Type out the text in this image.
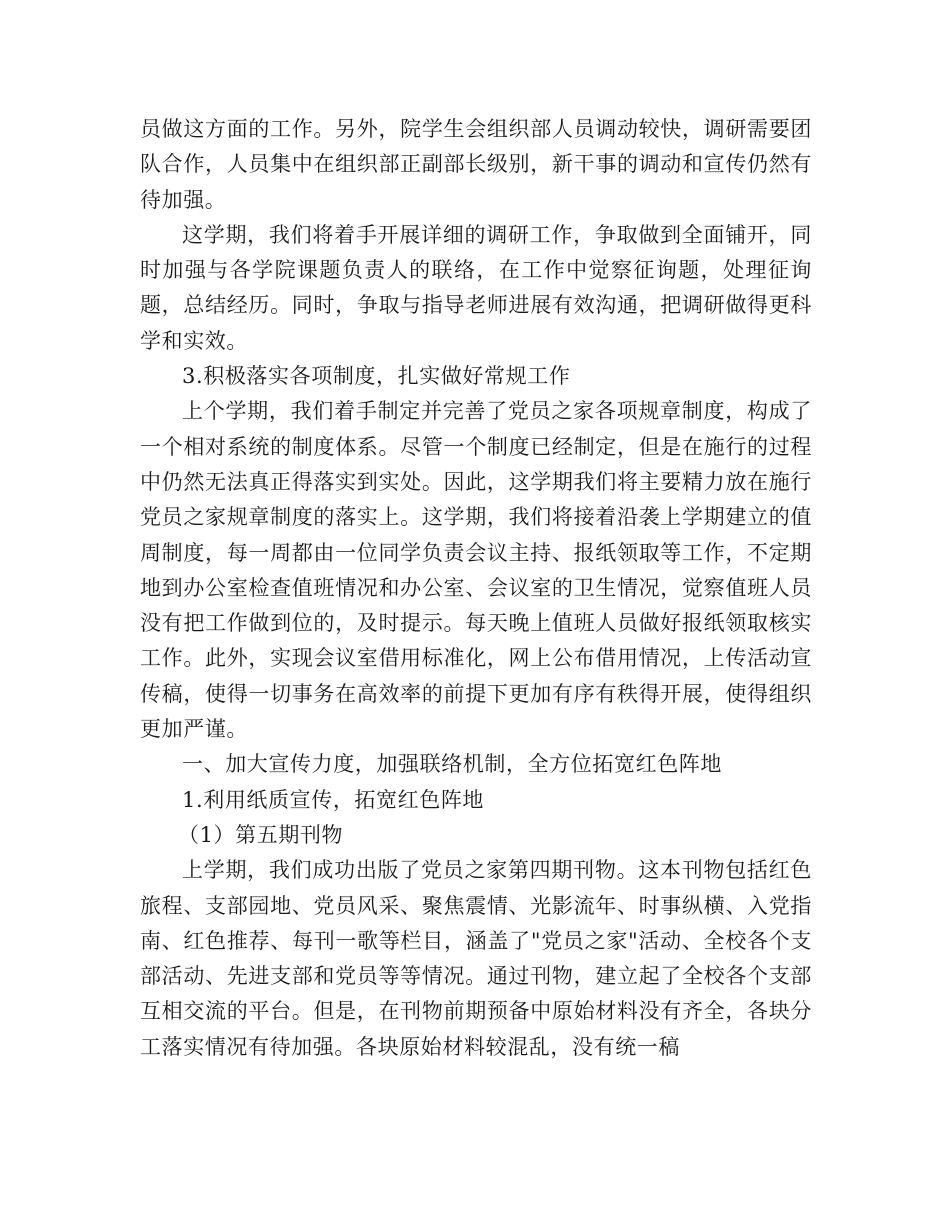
员做这方面的工作。另外，院学生会组织部人员调动较快，调研需要团队合作，人员集中在组织部正副部长级别，新干事的调动和宣传仍然有待加强。

这学期，我们将着手开展详细的调研工作，争取做到全面铺开，同时加强与各学院课题负责人的联络，在工作中觉察征询题，处理征询题，总结经历。同时，争取与指导老师进展有效沟通，把调研做得更科学和实效。

3.积极落实各项制度，扎实做好常规工作

上个学期，我们着手制定并完善了党员之家各项规章制度，构成了一个相对系统的制度体系。尽管一个制度已经制定，但是在施行的过程中仍然无法真正得落实到实处。因此，这学期我们将主要精力放在施行党员之家规章制度的落实上。这学期，我们将接着沿袭上学期建立的值周制度，每一周都由一位同学负责会议主持、报纸领取等工作，不定期地到办公室检查值班情况和办公室、会议室的卫生情况，觉察值班人员没有把工作做到位的，及时提示。每天晚上值班人员做好报纸领取核实工作。此外，实现会议室借用标准化，网上公布借用情况，上传活动宣传稿，使得一切事务在高效率的前提下更加有序有秩得开展，使得组织更加严谨。

一、加大宣传力度，加强联络机制，全方位拓宽红色阵地

1.利用纸质宣传，拓宽红色阵地

（1）第五期刊物

上学期，我们成功出版了党员之家第四期刊物。这本刊物包括红色旅程、支部园地、党员风采、聚焦震情、光影流年、时事纵横、入党指南、红色推荐、每刊一歌等栏目，涵盖了"党员之家"活动、全校各个支部活动、先进支部和党员等等情况。通过刊物，建立起了全校各个支部互相交流的平台。但是，在刊物前期预备中原始材料没有齐全，各块分工落实情况有待加强。各块原始材料较混乱，没有统一稿
